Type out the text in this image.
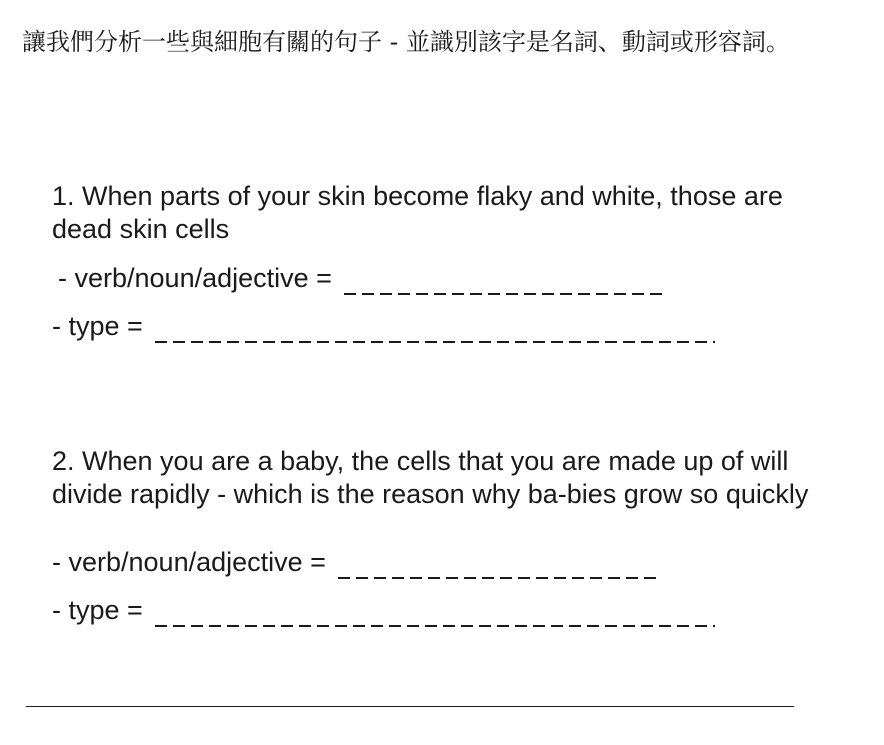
讓我們分析一些與細胞有關的句子 - 並識別該字是名詞、動詞或形容詞。

1. When parts of your skin become flaky and white, those are dead skin cells

- verb/noun/adjective =
- type =

2. When you are a baby, the cells that you are made up of will divide rapidly - which is the reason why ba-bies grow so quickly

- verb/noun/adjective =
- type =
